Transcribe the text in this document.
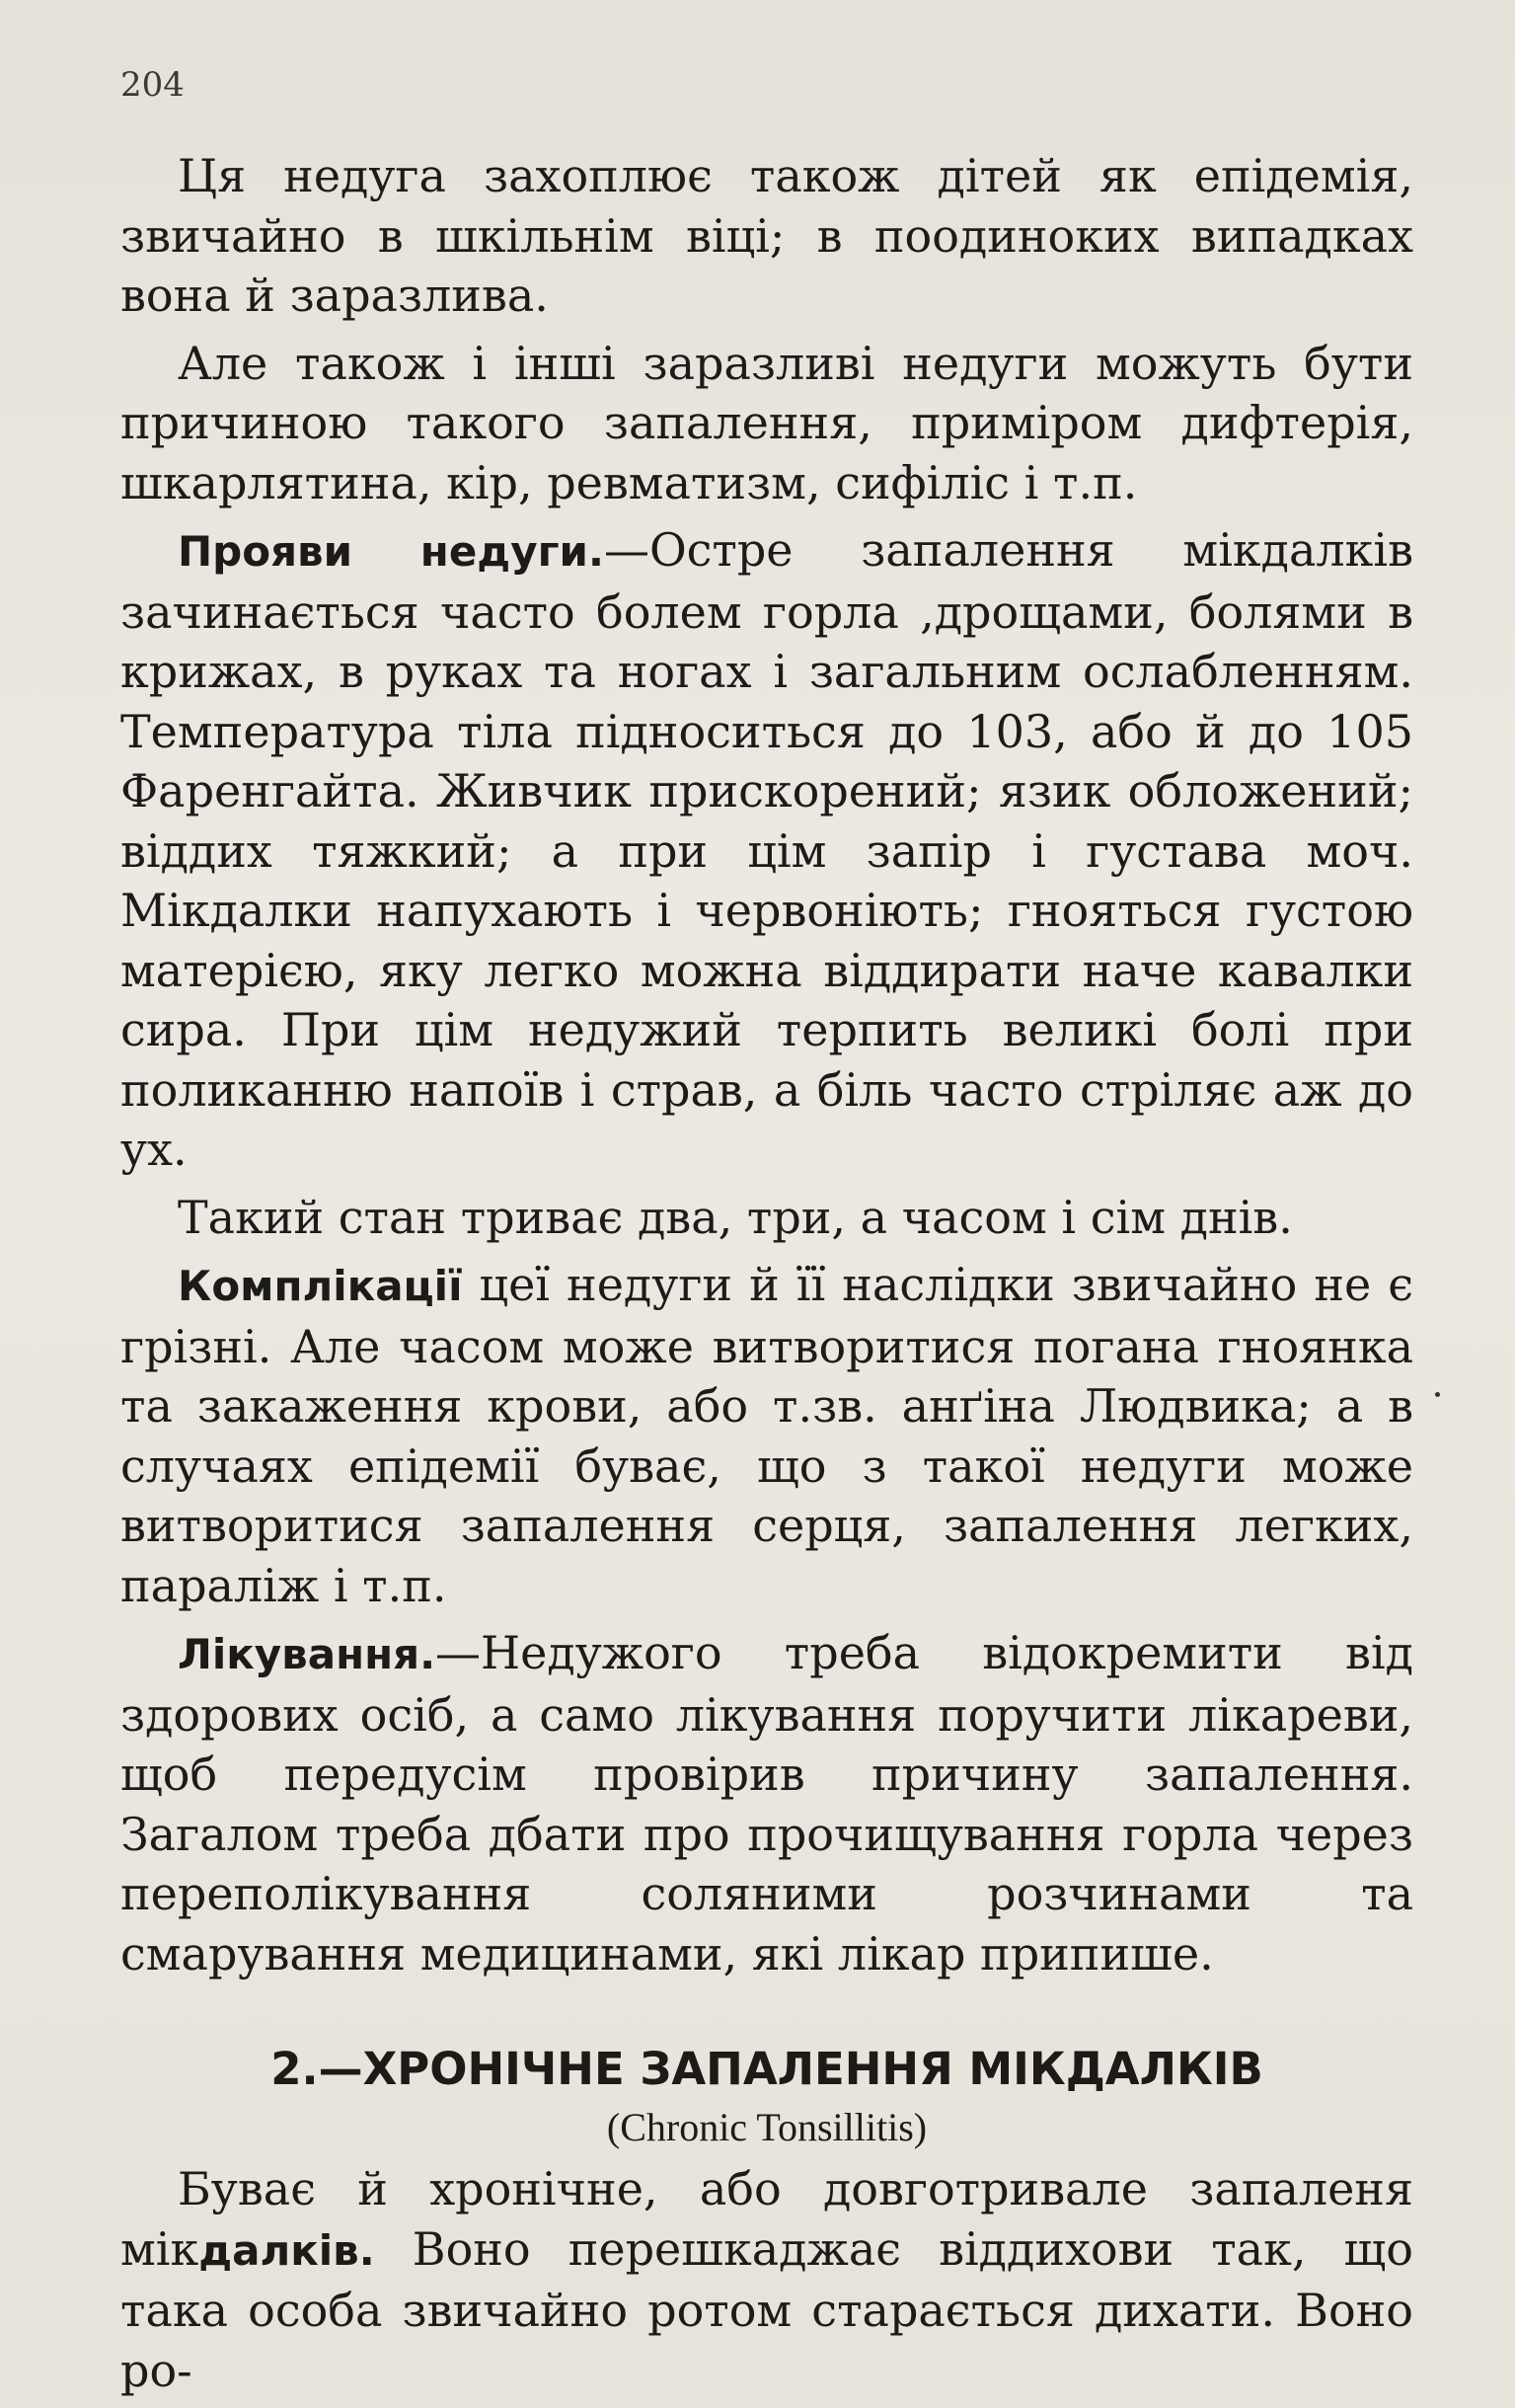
204

Ця недуга захоплює також дітей як епідемія, звичайно в шкільнім віці; в поодиноких випадках вона й заразлива.

Але також і інші заразливі недуги можуть бути причиною такого запалення, приміром дифтерія, шкарлятина, кір, ревматизм, сифіліс і т.п.

Прояви недуги.—Остре запалення мікдалків зачинається часто болем горла ,дрощами, болями в крижах, в руках та ногах і загальним ослабленням. Температура тіла підноситься до 103, або й до 105 Фаренгайта. Живчик прискорений; язик обложений; віддих тяжкий; а при цім запір і густава моч. Мікдалки напухають і червоніють; гнояться густою матерією, яку легко можна віддирати наче кавалки сира. При цім недужий терпить великі болі при поликанню напоїв і страв, а біль часто стріляє аж до ух.

Такий стан триває два, три, а часом і сім днів.

Комплікації цеї недуги й її наслідки звичайно не є грізні. Але часом може витворитися погана гноянка та закаження крови, або т.зв. анґіна Людвика; а в случаях епідемії буває, що з такої недуги може витворитися запалення серця, запалення легких, параліж і т.п.

Лікування.—Недужого треба відокремити від здорових осіб, а само лікування поручити лікареви, щоб передусім провірив причину запалення. Загалом треба дбати про прочищування горла через переполікування соляними розчинами та смарування медицинами, які лікар припише.

2.—ХРОНІЧНЕ ЗАПАЛЕННЯ МІКДАЛКІВ
(Chronic Tonsillitis)

Буває й хронічне, або довготривале запаленя мікдалків. Воно перешкаджає віддихови так, що така особа звичайно ротом старається дихати. Воно ро-
